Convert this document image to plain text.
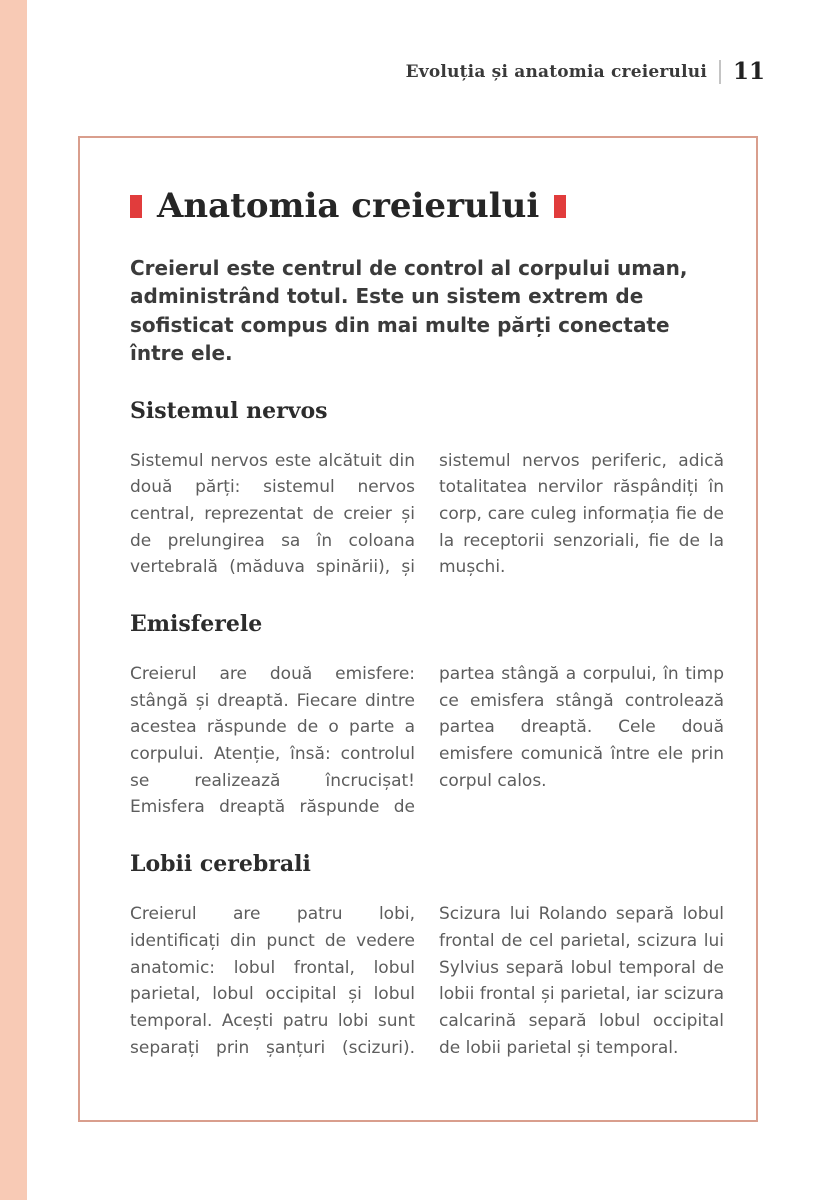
Evoluția și anatomia creierului 11
Anatomia creierului

Creierul este centrul de control al corpului uman, administrând totul. Este un sistem extrem de sofisticat compus din mai multe părți conectate între ele.

Sistemul nervos

Sistemul nervos este alcătuit din două părți: sistemul nervos central, reprezentat de creier și de prelungirea sa în coloana vertebrală (măduva spinării), și sistemul nervos periferic, adică totalitatea nervilor răspândiți în corp, care culeg informația fie de la receptorii senzoriali, fie de la mușchi.

Emisferele

Creierul are două emisfere: stângă și dreaptă. Fiecare dintre acestea răspunde de o parte a corpului. Atenție, însă: controlul se realizează încrucișat! Emisfera dreaptă răspunde de partea stângă a corpului, în timp ce emisfera stângă controlează partea dreaptă. Cele două emisfere comunică între ele prin corpul calos.

Lobii cerebrali

Creierul are patru lobi, identificați din punct de vedere anatomic: lobul frontal, lobul parietal, lobul occipital și lobul temporal. Acești patru lobi sunt separați prin șanțuri (scizuri). Scizura lui Rolando separă lobul frontal de cel parietal, scizura lui Sylvius separă lobul temporal de lobii frontal și parietal, iar scizura calcarină separă lobul occipital de lobii parietal și temporal.
